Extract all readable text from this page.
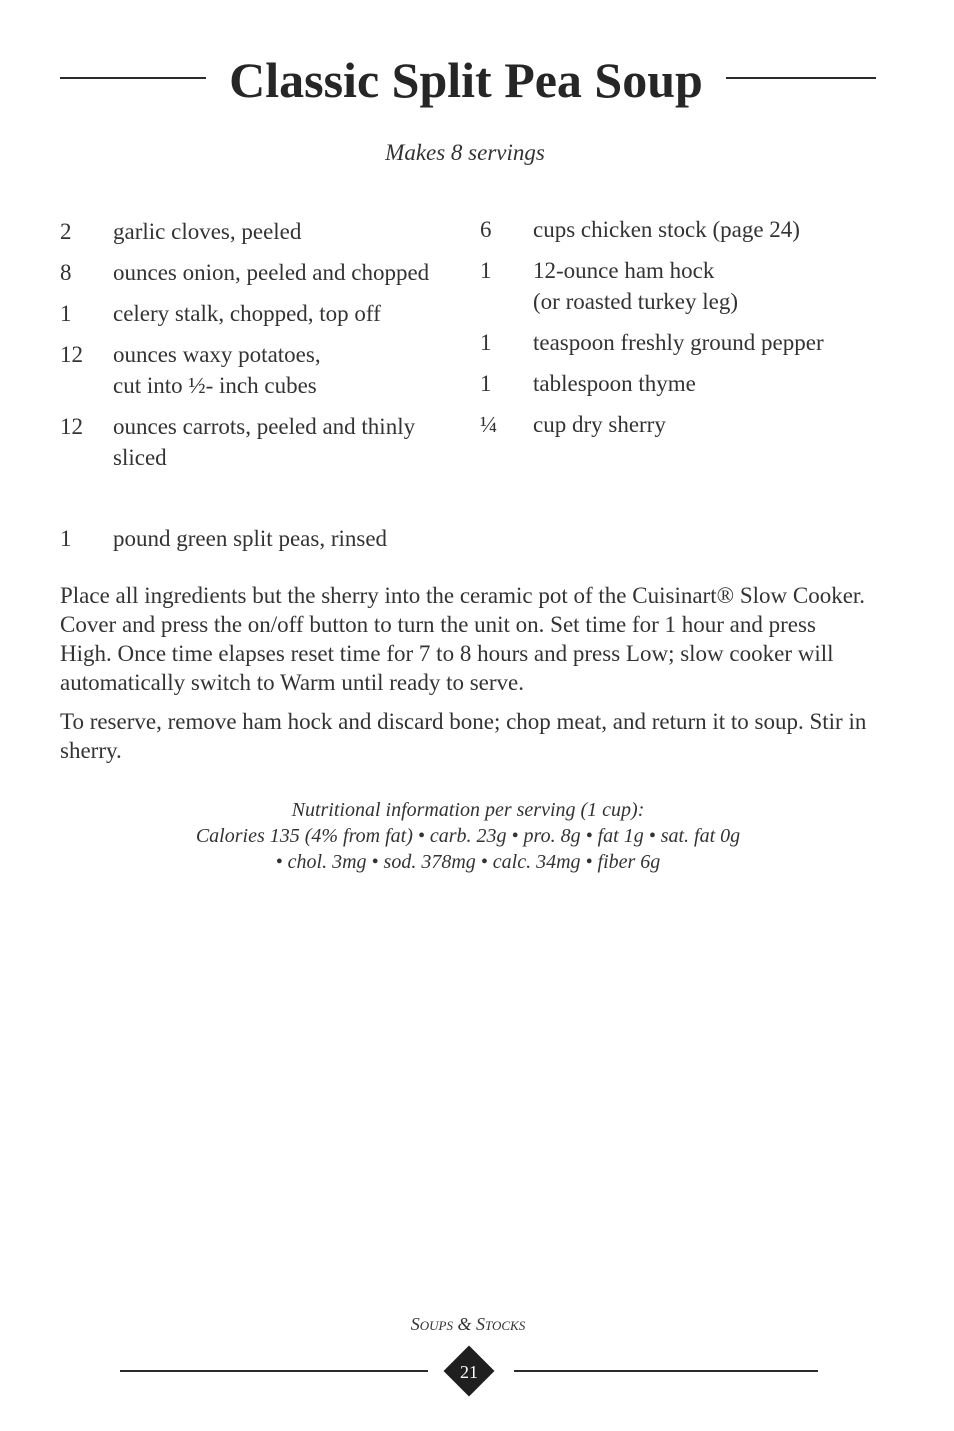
Classic Split Pea Soup
Makes 8 servings
2	garlic cloves, peeled
8	ounces onion, peeled and chopped
1	celery stalk, chopped, top off
12	ounces waxy potatoes,
cut into ½- inch cubes
12	ounces carrots, peeled and thinly
sliced
6	cups chicken stock (page 24)
1	12-ounce ham hock
(or roasted turkey leg)
1	teaspoon freshly ground pepper
1	tablespoon thyme
¼	cup dry sherry
1	pound green split peas, rinsed

Place all ingredients but the sherry into the ceramic pot of the Cuisinart® Slow Cooker. Cover and press the on/off button to turn the unit on. Set time for 1 hour and press High. Once time elapses reset time for 7 to 8 hours and press Low; slow cooker will automatically switch to Warm until ready to serve.

To reserve, remove ham hock and discard bone; chop meat, and return it to soup. Stir in sherry.

Nutritional information per serving (1 cup):
Calories 135 (4% from fat) • carb. 23g • pro. 8g • fat 1g • sat. fat 0g
• chol. 3mg • sod. 378mg • calc. 34mg • fiber 6g
Soups & Stocks
21
